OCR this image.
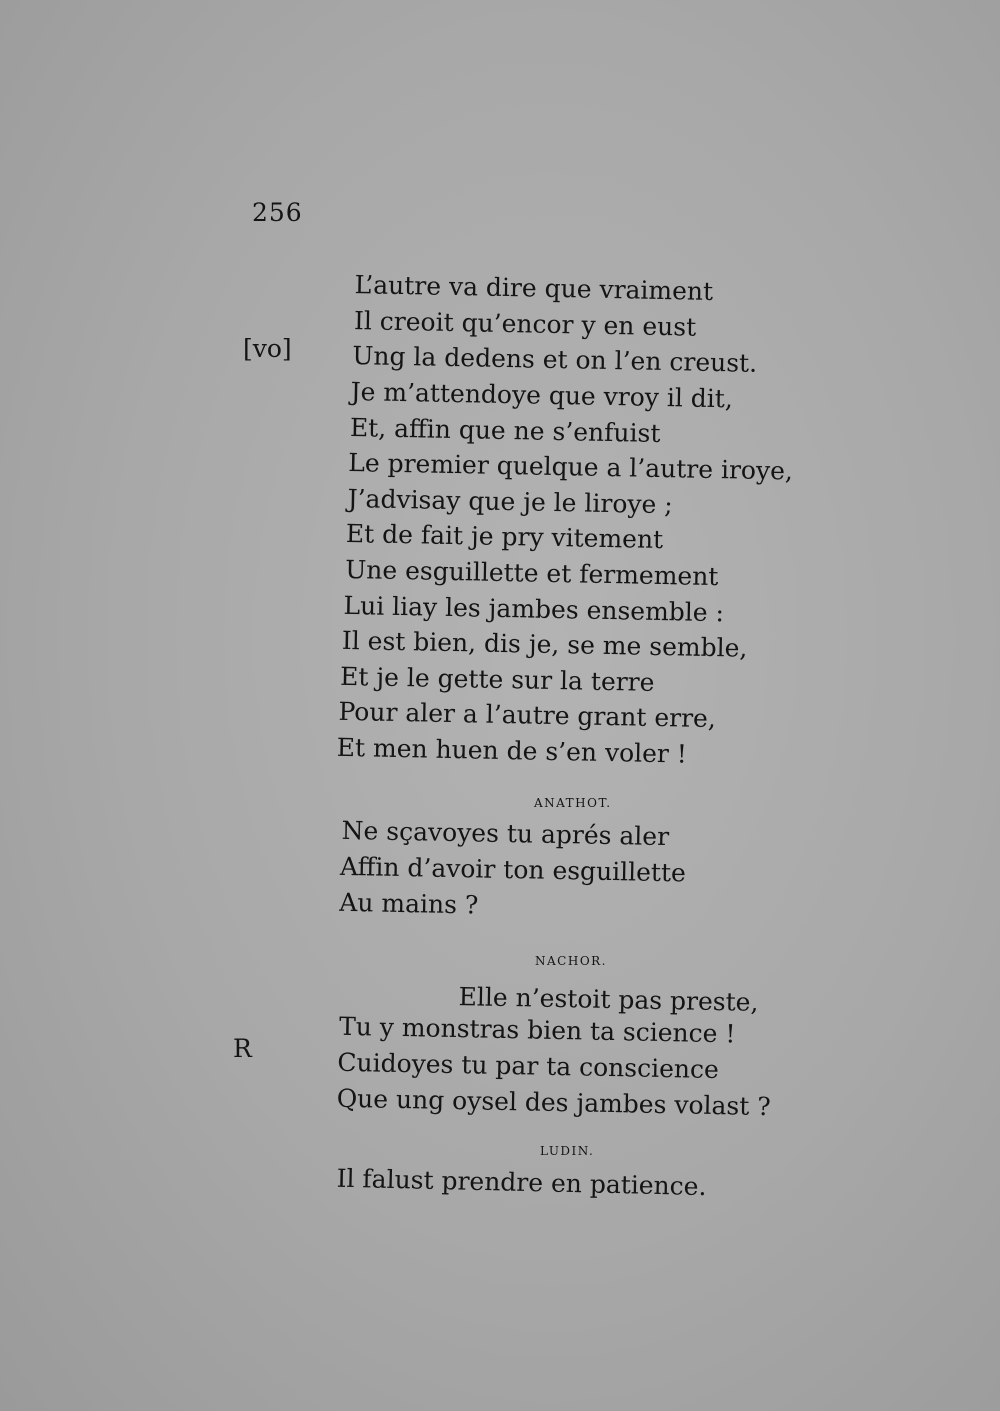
256
[vo]
R
L’autre va dire que vraiment
Il creoit qu’encor y en eust
Ung la dedens et on l’en creust.
Je m’attendoye que vroy il dit,
Et, affin que ne s’enfuist
Le premier quelque a l’autre iroye,
J’advisay que je le liroye ;
Et de fait je pry vitement
Une esguillette et fermement
Lui liay les jambes ensemble :
Il est bien, dis je, se me semble,
Et je le gette sur la terre
Pour aler a l’autre grant erre,
Et men huen de s’en voler !
ANATHOT.
Ne sçavoyes tu aprés aler
Affin d’avoir ton esguillette
Au mains ?
NACHOR.
Elle n’estoit pas preste,
Tu y monstras bien ta science !
Cuidoyes tu par ta conscience
Que ung oysel des jambes volast ?
LUDIN.
Il falust prendre en patience.
